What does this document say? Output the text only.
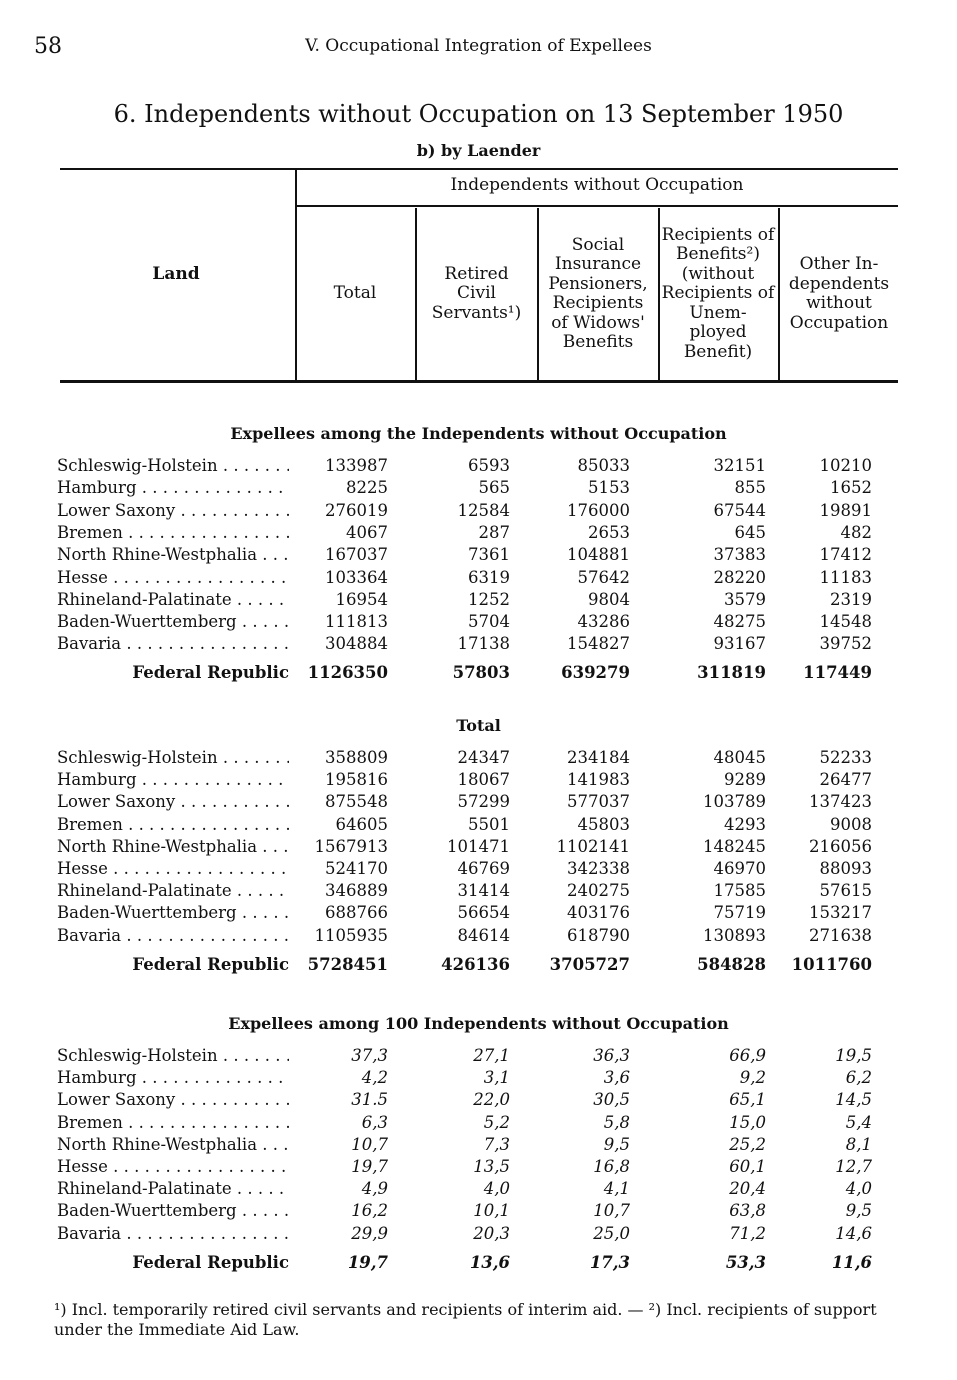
58	V. Occupational Integration of Expellees
6. Independents without Occupation on 13 September 1950
b) by Laender
Land
Independents without Occupation
Total
Retired Civil Servants¹)
Social Insurance Pensioners, Recipients of Widows' Benefits
Recipients of Benefits²) (without Recipients of Unem- ployed Benefit)
Other In- dependents without Occupation
Expellees among the Independents without Occupation
Schleswig-Holstein . . .	133987	6593	85033	32151	10210
Hamburg . . .	8225	565	5153	855	1652
Lower Saxony . . .	276019	12584	176000	67544	19891
Bremen . . .	4067	287	2653	645	482
North Rhine-Westphalia . . .	167037	7361	104881	37383	17412
Hesse . . .	103364	6319	57642	28220	11183
Rhineland-Palatinate . . .	16954	1252	9804	3579	2319
Baden-Wuerttemberg . . .	111813	5704	43286	48275	14548
Bavaria . . .	304884	17138	154827	93167	39752
Federal Republic	1126350	57803	639279	311819	117449
Total
Schleswig-Holstein . . .	358809	24347	234184	48045	52233
Hamburg . . .	195816	18067	141983	9289	26477
Lower Saxony . . .	875548	57299	577037	103789	137423
Bremen . . .	64605	5501	45803	4293	9008
North Rhine-Westphalia . . .	1567913	101471	1102141	148245	216056
Hesse . . .	524170	46769	342338	46970	88093
Rhineland-Palatinate . . .	346889	31414	240275	17585	57615
Baden-Wuerttemberg . . .	688766	56654	403176	75719	153217
Bavaria . . .	1105935	84614	618790	130893	271638
Federal Republic	5728451	426136	3705727	584828	1011760
Expellees among 100 Independents without Occupation
Schleswig-Holstein . . .	37,3	27,1	36,3	66,9	19,5
Hamburg . . .	4,2	3,1	3,6	9,2	6,2
Lower Saxony . . .	31.5	22,0	30,5	65,1	14,5
Bremen . . .	6,3	5,2	5,8	15,0	5,4
North Rhine-Westphalia . . .	10,7	7,3	9,5	25,2	8,1
Hesse . . .	19,7	13,5	16,8	60,1	12,7
Rhineland-Palatinate . . .	4,9	4,0	4,1	20,4	4,0
Baden-Wuerttemberg . . .	16,2	10,1	10,7	63,8	9,5
Bavaria . . .	29,9	20,3	25,0	71,2	14,6
Federal Republic	19,7	13,6	17,3	53,3	11,6
¹) Incl. temporarily retired civil servants and recipients of interim aid. — ²) Incl. recipients of support under the Immediate Aid Law.
